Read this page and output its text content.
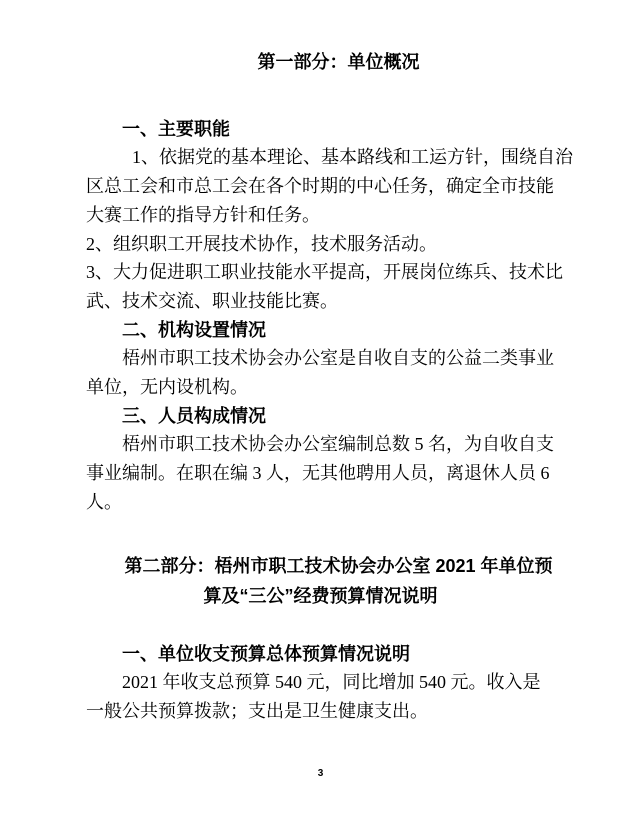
第一部分：单位概况
一、主要职能
1、依据党的基本理论、基本路线和工运方针，围绕自治
区总工会和市总工会在各个时期的中心任务，确定全市技能
大赛工作的指导方针和任务。
2、组织职工开展技术协作，技术服务活动。
3、大力促进职工职业技能水平提高，开展岗位练兵、技术比
武、技术交流、职业技能比赛。
二、机构设置情况
梧州市职工技术协会办公室是自收自支的公益二类事业
单位，无内设机构。
三、人员构成情况
梧州市职工技术协会办公室编制总数 5 名，为自收自支
事业编制。在职在编 3 人，无其他聘用人员，离退休人员 6
人。
第二部分：梧州市职工技术协会办公室 2021 年单位预
算及“三公”经费预算情况说明
一、单位收支预算总体预算情况说明
2021 年收支总预算 540 元，同比增加 540 元。收入是
一般公共预算拨款；支出是卫生健康支出。
3
